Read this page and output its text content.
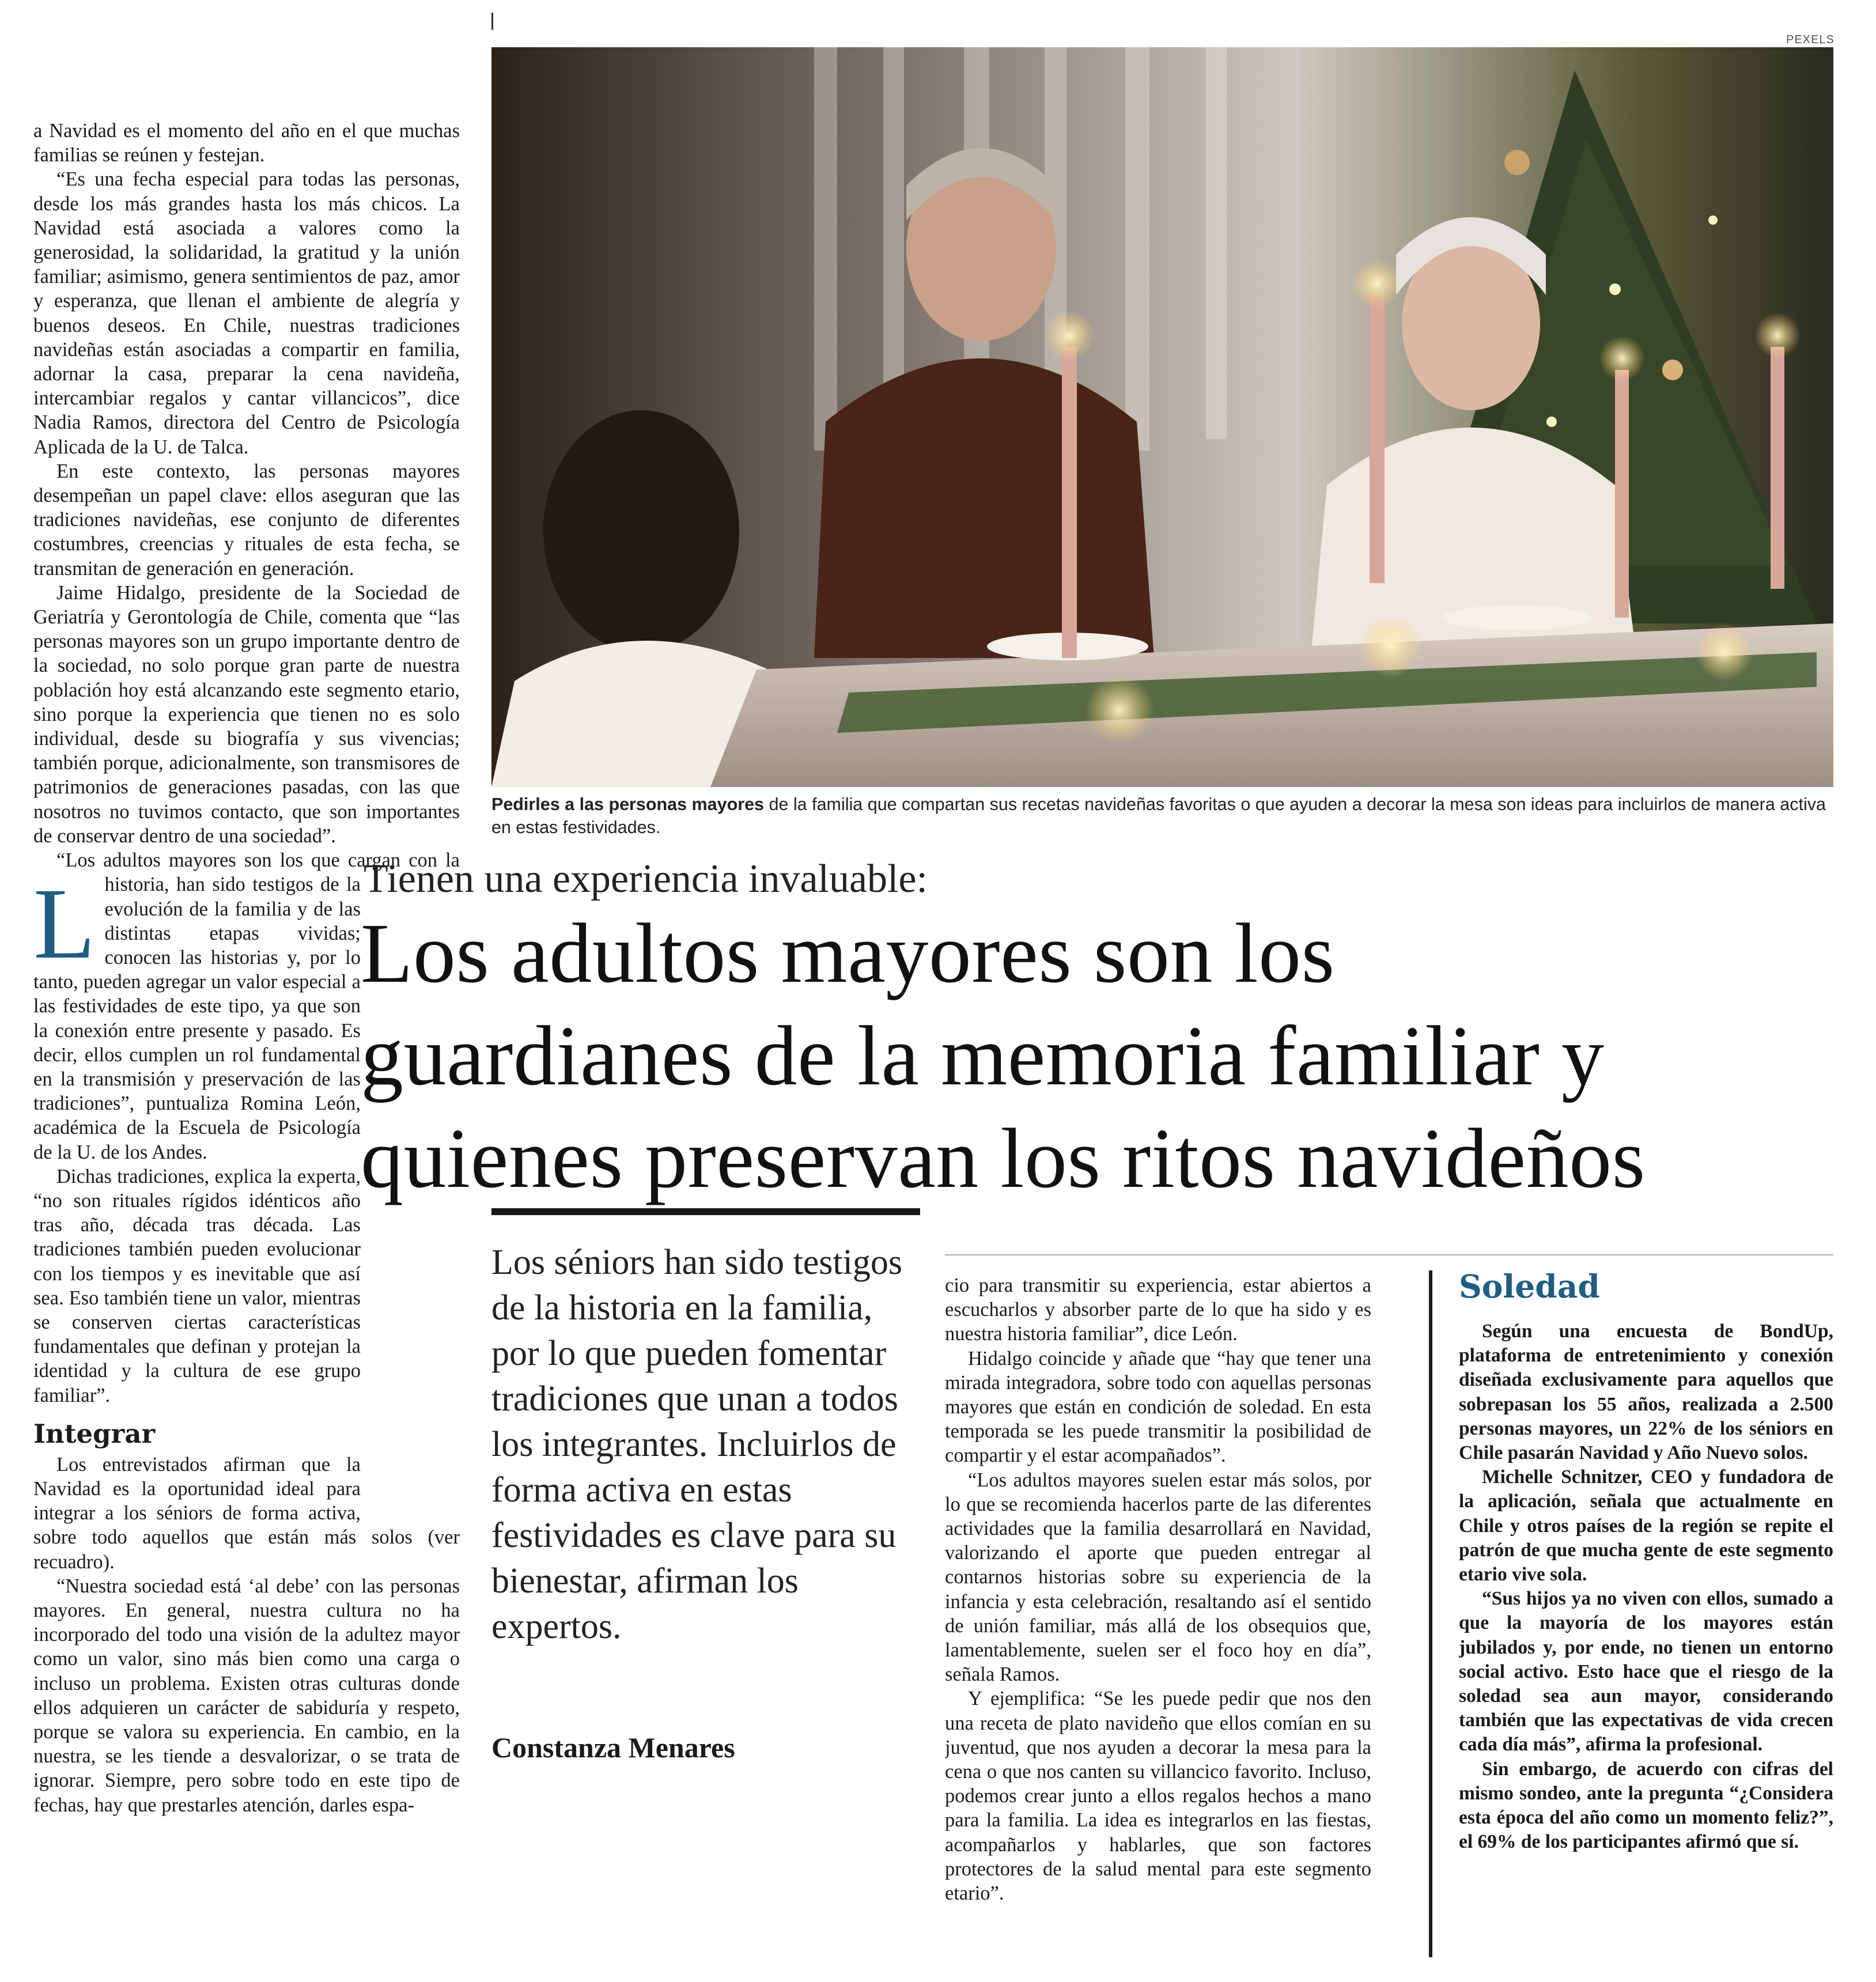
PEXELS
Pedirles a las personas mayores de la familia que compartan sus recetas navideñas favoritas o que ayuden a decorar la mesa son ideas para incluirlos de manera activa en estas festividades.

L
a Navidad es el momento del año en el que muchas familias se reúnen y festejan.

“Es una fecha especial para todas las personas, desde los más grandes hasta los más chicos. La Navidad está asociada a valores como la generosidad, la solidaridad, la gratitud y la unión familiar; asimismo, genera sentimientos de paz, amor y esperanza, que llenan el ambiente de alegría y buenos deseos. En Chile, nuestras tradiciones navideñas están asociadas a compartir en familia, adornar la casa, preparar la cena navideña, intercambiar regalos y cantar villancicos”, dice Nadia Ramos, directora del Centro de Psicología Aplicada de la U. de Talca.

En este contexto, las personas mayores desempeñan un papel clave: ellos aseguran que las tradiciones navideñas, ese conjunto de diferentes costumbres, creencias y rituales de esta fecha, se transmitan de generación en generación.

Jaime Hidalgo, presidente de la Sociedad de Geriatría y Gerontología de Chile, comenta que “las personas mayores son un grupo importante dentro de la sociedad, no solo porque gran parte de nuestra población hoy está alcanzando este segmento etario, sino porque la experiencia que tienen no es solo individual, desde su biografía y sus vivencias; también porque, adicionalmente, son transmisores de patrimonios de generaciones pasadas, con las que nosotros no tuvimos contacto, que son importantes de conservar dentro de una sociedad”.

“Los adultos mayores son los que cargan con la historia, han sido testigos de la evolución de la familia y de las distintas etapas vividas; conocen las historias y, por lo tanto, pueden agregar un valor especial a las festividades de este tipo, ya que son la conexión entre presente y pasado. Es decir, ellos cumplen un rol fundamental en la transmisión y preservación de las tradiciones”, puntualiza Romina León, académica de la Escuela de Psicología de la U. de los Andes.

Dichas tradiciones, explica la experta, “no son rituales rígidos idénticos año tras año, década tras década. Las tradiciones también pueden evolucionar con los tiempos y es inevitable que así sea. Eso también tiene un valor, mientras se conserven ciertas características fundamentales que definan y protejan la identidad y la cultura de ese grupo familiar”.

Integrar

Los entrevistados afirman que la Navidad es la oportunidad ideal para integrar a los séniors de forma activa, sobre todo aquellos que están más solos (ver recuadro).

“Nuestra sociedad está ‘al debe’ con las personas mayores. En general, nuestra cultura no ha incorporado del todo una visión de la adultez mayor como un valor, sino más bien como una carga o incluso un problema. Existen otras culturas donde ellos adquieren un carácter de sabiduría y respeto, porque se valora su experiencia. En cambio, en la nuestra, se les tiende a desvalorizar, o se trata de ignorar. Siempre, pero sobre todo en este tipo de fechas, hay que prestarles atención, darles espa-

Tienen una experiencia invaluable:
Los adultos mayores son los
guardianes de la memoria familiar y
quienes preservan los ritos navideños
Los séniors han sido testigos de la historia en la familia, por lo que pueden fomentar tradiciones que unan a todos los integrantes. Incluirlos de forma activa en estas festividades es clave para su bienestar, afirman los expertos.
Constanza Menares

cio para transmitir su experiencia, estar abiertos a escucharlos y absorber parte de lo que ha sido y es nuestra historia familiar”, dice León.

Hidalgo coincide y añade que “hay que tener una mirada integradora, sobre todo con aquellas personas mayores que están en condición de soledad. En esta temporada se les puede transmitir la posibilidad de compartir y el estar acompañados”.

“Los adultos mayores suelen estar más solos, por lo que se recomienda hacerlos parte de las diferentes actividades que la familia desarrollará en Navidad, valorizando el aporte que pueden entregar al contarnos historias sobre su experiencia de la infancia y esta celebración, resaltando así el sentido de unión familiar, más allá de los obsequios que, lamentablemente, suelen ser el foco hoy en día”, señala Ramos.

Y ejemplifica: “Se les puede pedir que nos den una receta de plato navideño que ellos comían en su juventud, que nos ayuden a decorar la mesa para la cena o que nos canten su villancico favorito. Incluso, podemos crear junto a ellos regalos hechos a mano para la familia. La idea es integrarlos en las fiestas, acompañarlos y hablarles, que son factores protectores de la salud mental para este segmento etario”.

Soledad

Según una encuesta de BondUp, plataforma de entretenimiento y conexión diseñada exclusivamente para aquellos que sobrepasan los 55 años, realizada a 2.500 personas mayores, un 22% de los séniors en Chile pasarán Navidad y Año Nuevo solos.

Michelle Schnitzer, CEO y fundadora de la aplicación, señala que actualmente en Chile y otros países de la región se repite el patrón de que mucha gente de este segmento etario vive sola.

“Sus hijos ya no viven con ellos, sumado a que la mayoría de los mayores están jubilados y, por ende, no tienen un entorno social activo. Esto hace que el riesgo de la soledad sea aun mayor, considerando también que las expectativas de vida crecen cada día más”, afirma la profesional.

Sin embargo, de acuerdo con cifras del mismo sondeo, ante la pregunta “¿Considera esta época del año como un momento feliz?”, el 69% de los participantes afirmó que sí.
